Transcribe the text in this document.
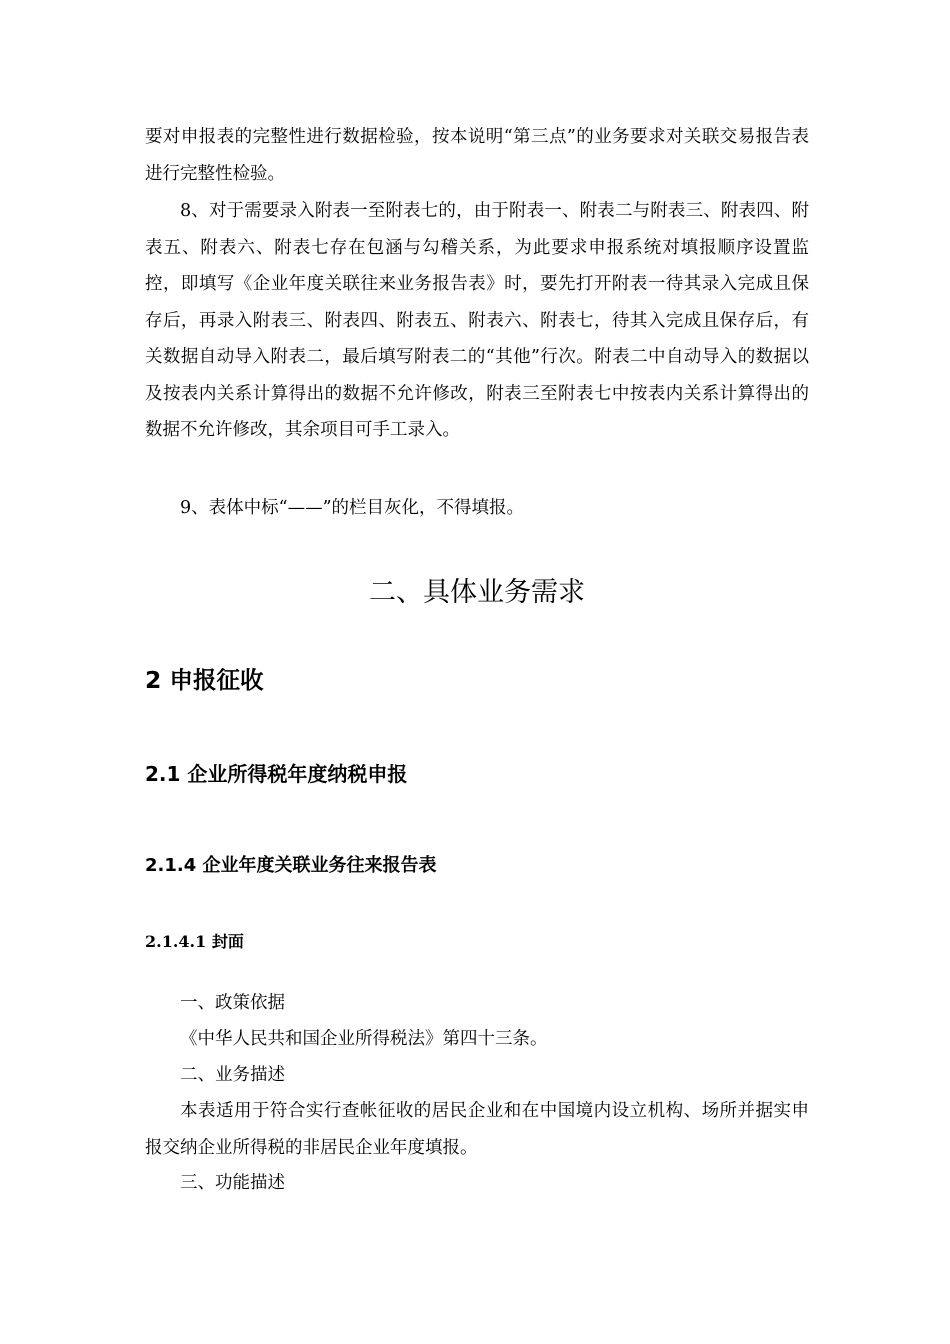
要对申报表的完整性进行数据检验，按本说明“第三点”的业务要求对关联交易报告表进行完整性检验。

8、对于需要录入附表一至附表七的，由于附表一、附表二与附表三、附表四、附表五、附表六、附表七存在包涵与勾稽关系，为此要求申报系统对填报顺序设置监控，即填写《企业年度关联往来业务报告表》时，要先打开附表一待其录入完成且保存后，再录入附表三、附表四、附表五、附表六、附表七，待其入完成且保存后，有关数据自动导入附表二，最后填写附表二的“其他”行次。附表二中自动导入的数据以及按表内关系计算得出的数据不允许修改，附表三至附表七中按表内关系计算得出的数据不允许修改，其余项目可手工录入。

9、表体中标“——”的栏目灰化，不得填报。
二、具体业务需求
2 申报征收
2.1 企业所得税年度纳税申报
2.1.4 企业年度关联业务往来报告表
2.1.4.1 封面
一、政策依据
《中华人民共和国企业所得税法》第四十三条。
二、业务描述

本表适用于符合实行查帐征收的居民企业和在中国境内设立机构、场所并据实申报交纳企业所得税的非居民企业年度填报。

三、功能描述
